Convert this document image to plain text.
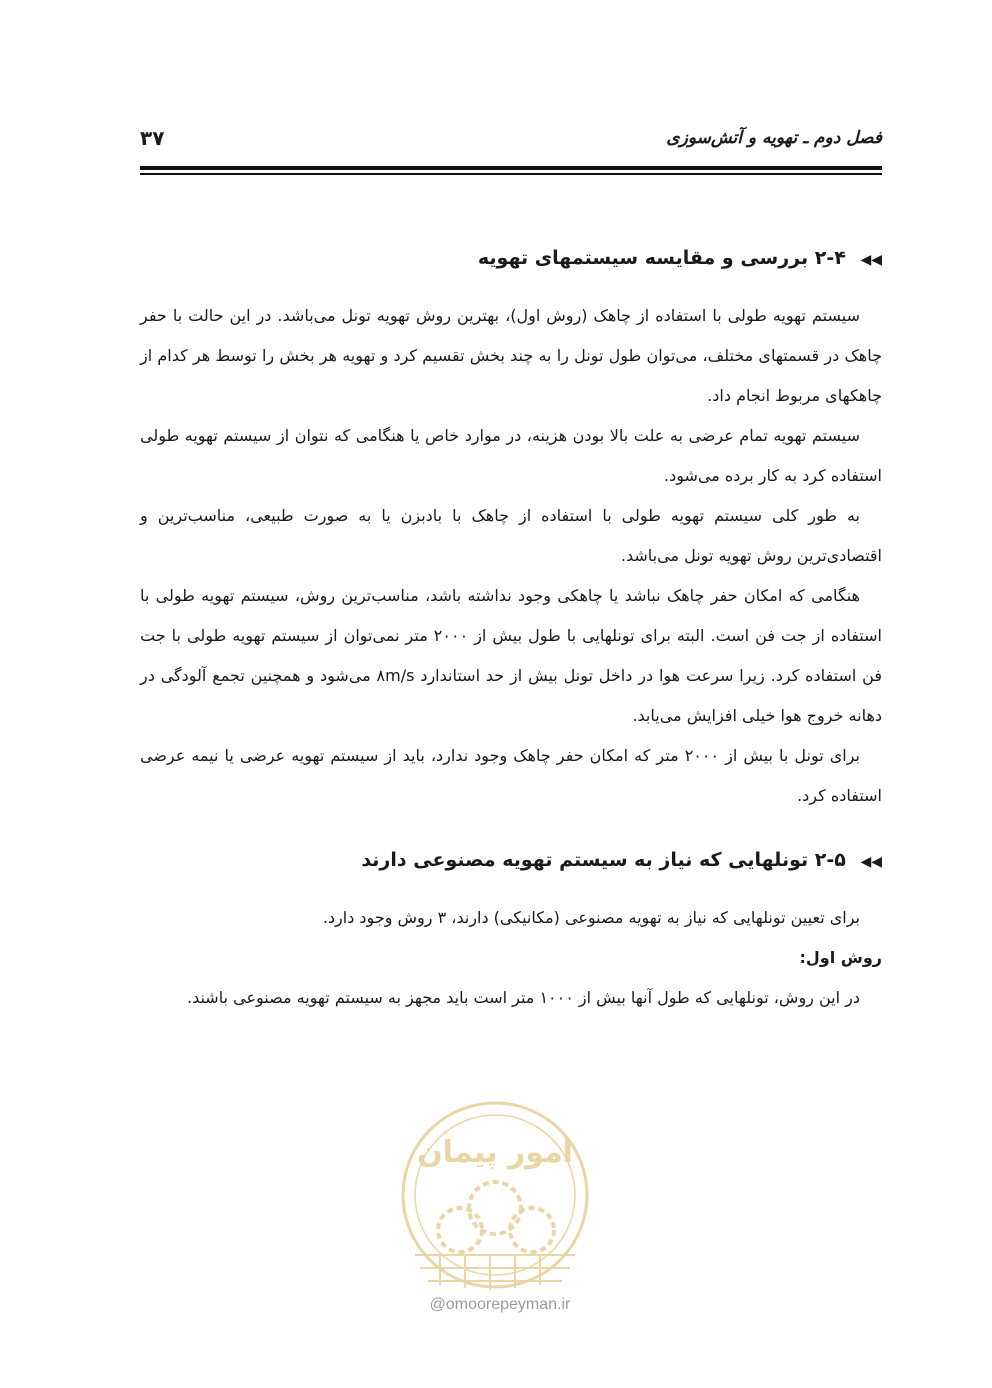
فصل دوم ـ تهویه و آتش‌سوزی
۳۷
◀◀ ۲-۴ بررسی و مقایسه سیستمهای تهویه

سیستم تهویه طولی با استفاده از چاهک (روش اول)، بهترین روش تهویه تونل می‌باشد. در این حالت با حفر چاهک در قسمتهای مختلف، می‌توان طول تونل را به چند بخش تقسیم کرد و تهویه هر بخش را توسط هر کدام از چاهکهای مربوط انجام داد.

سیستم تهویه تمام عرضی به علت بالا بودن هزینه، در موارد خاص یا هنگامی که نتوان از سیستم تهویه طولی استفاده کرد به کار برده می‌شود.

به طور کلی سیستم تهویه طولی با استفاده از چاهک با بادبزن یا به صورت طبیعی، مناسب‌ترین و اقتصادی‌ترین روش تهویه تونل می‌باشد.

هنگامی که امکان حفر چاهک نباشد یا چاهکی وجود نداشته باشد، مناسب‌ترین روش، سیستم تهویه طولی با استفاده از جت فن است. البته برای تونلهایی با طول بیش از ۲۰۰۰ متر نمی‌توان از سیستم تهویه طولی با جت فن استفاده کرد. زیرا سرعت هوا در داخل تونل بیش از حد استاندارد ۸m/s می‌شود و همچنین تجمع آلودگی در دهانه خروج هوا خیلی افزایش می‌یابد.

برای تونل با بیش از ۲۰۰۰ متر که امکان حفر چاهک وجود ندارد، باید از سیستم تهویه عرضی یا نیمه عرضی استفاده کرد.

◀◀ ۲-۵ تونلهایی که نیاز به سیستم تهویه مصنوعی دارند

برای تعیین تونلهایی که نیاز به تهویه مصنوعی (مکانیکی) دارند، ۳ روش وجود دارد.

روش اول:

در این روش، تونلهایی که طول آنها بیش از ۱۰۰۰ متر است باید مجهز به سیستم تهویه مصنوعی باشند.

امور پیمان
@omoorepeyman.ir
